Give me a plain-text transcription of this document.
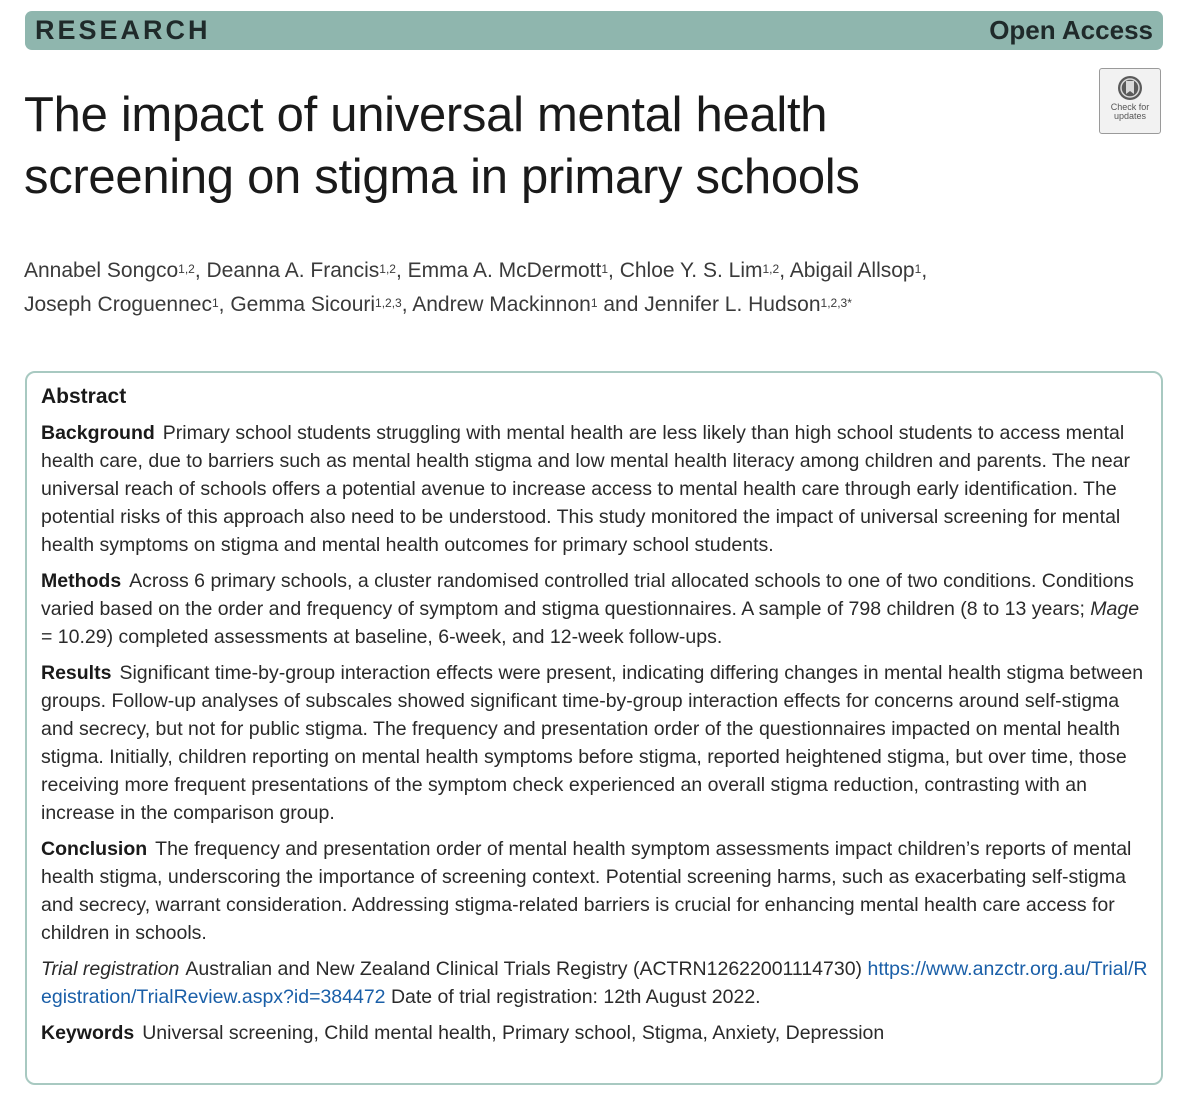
RESEARCH	Open Access
The impact of universal mental health screening on stigma in primary schools
Check for
updates
Annabel Songco$^{1,2}$, Deanna A. Francis$^{1,2}$, Emma A. McDermott$^1$, Chloe Y. S. Lim$^{1,2}$, Abigail Allsop$^1$,
Joseph Croguennec$^1$, Gemma Sicouri$^{1,2,3}$, Andrew Mackinnon$^1$ and Jennifer L. Hudson$^{1,2,3*}$
Abstract

Background Primary school students struggling with mental health are less likely than high school students to access mental health care, due to barriers such as mental health stigma and low mental health literacy among children and parents. The near universal reach of schools offers a potential avenue to increase access to mental health care through early identification. The potential risks of this approach also need to be understood. This study monitored the impact of universal screening for mental health symptoms on stigma and mental health outcomes for primary school students.

Methods Across 6 primary schools, a cluster randomised controlled trial allocated schools to one of two conditions. Conditions varied based on the order and frequency of symptom and stigma questionnaires. A sample of 798 children (8 to 13 years; Mage = 10.29) completed assessments at baseline, 6-week, and 12-week follow-ups.

Results Significant time-by-group interaction effects were present, indicating differing changes in mental health stigma between groups. Follow-up analyses of subscales showed significant time-by-group interaction effects for concerns around self-stigma and secrecy, but not for public stigma. The frequency and presentation order of the questionnaires impacted on mental health stigma. Initially, children reporting on mental health symptoms before stigma, reported heightened stigma, but over time, those receiving more frequent presentations of the symptom check experienced an overall stigma reduction, contrasting with an increase in the comparison group.

Conclusion The frequency and presentation order of mental health symptom assessments impact children’s reports of mental health stigma, underscoring the importance of screening context. Potential screening harms, such as exacerbating self-stigma and secrecy, warrant consideration. Addressing stigma-related barriers is crucial for enhancing mental health care access for children in schools.

Trial registration Australian and New Zealand Clinical Trials Registry (ACTRN12622001114730) https://www.anzctr.org.au/Trial/Registration/TrialReview.aspx?id=384472 Date of trial registration: 12th August 2022.

Keywords Universal screening, Child mental health, Primary school, Stigma, Anxiety, Depression
